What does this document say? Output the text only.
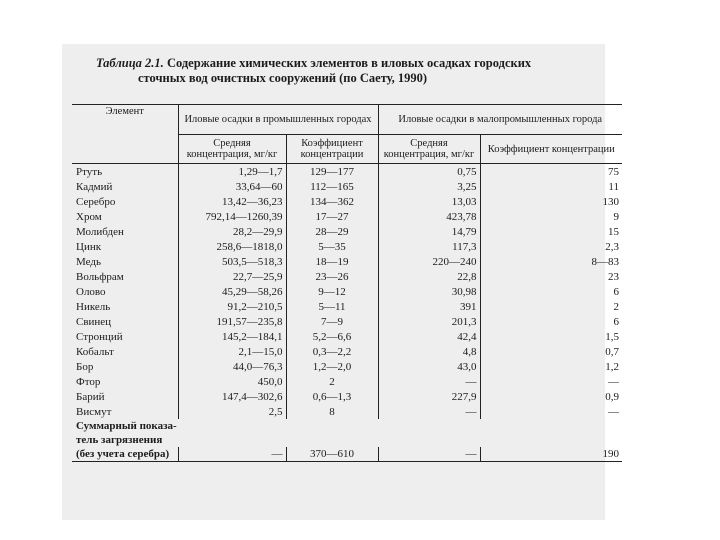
Таблица 2.1. Содержание химических элементов в иловых осадках городских
сточных вод очистных сооружений (по Саету, 1990)
Элемент	Иловые осадки в промышленных городах		Иловые осадки в малопромышленных города	
	Средняя концентрация, мг/кг	Коэффициент концентрации	Средняя концентрация, мг/кг	Коэффициент концентрации
Ртуть	1,29—1,7	129—177	0,75	75
Кадмий	33,64—60	112—165	3,25	11
Серебро	13,42—36,23	134—362	13,03	130
Хром	792,14—1260,39	17—27	423,78	9
Молибден	28,2—29,9	28—29	14,79	15
Цинк	258,6—1818,0	5—35	117,3	2,3
Медь	503,5—518,3	18—19	220—240	8—83
Вольфрам	22,7—25,9	23—26	22,8	23
Олово	45,29—58,26	9—12	30,98	6
Никель	91,2—210,5	5—11	391	2
Свинец	191,57—235,8	7—9	201,3	6
Стронций	145,2—184,1	5,2—6,6	42,4	1,5
Кобальт	2,1—15,0	0,3—2,2	4,8	0,7
Бор	44,0—76,3	1,2—2,0	43,0	1,2
Фтор	450,0	2	—	—
Барий	147,4—302,6	0,6—1,3	227,9	0,9
Висмут	2,5	8	—	—
Суммарный показа-				
тель загрязнения				
(без учета серебра)	—	370—610	—	190
